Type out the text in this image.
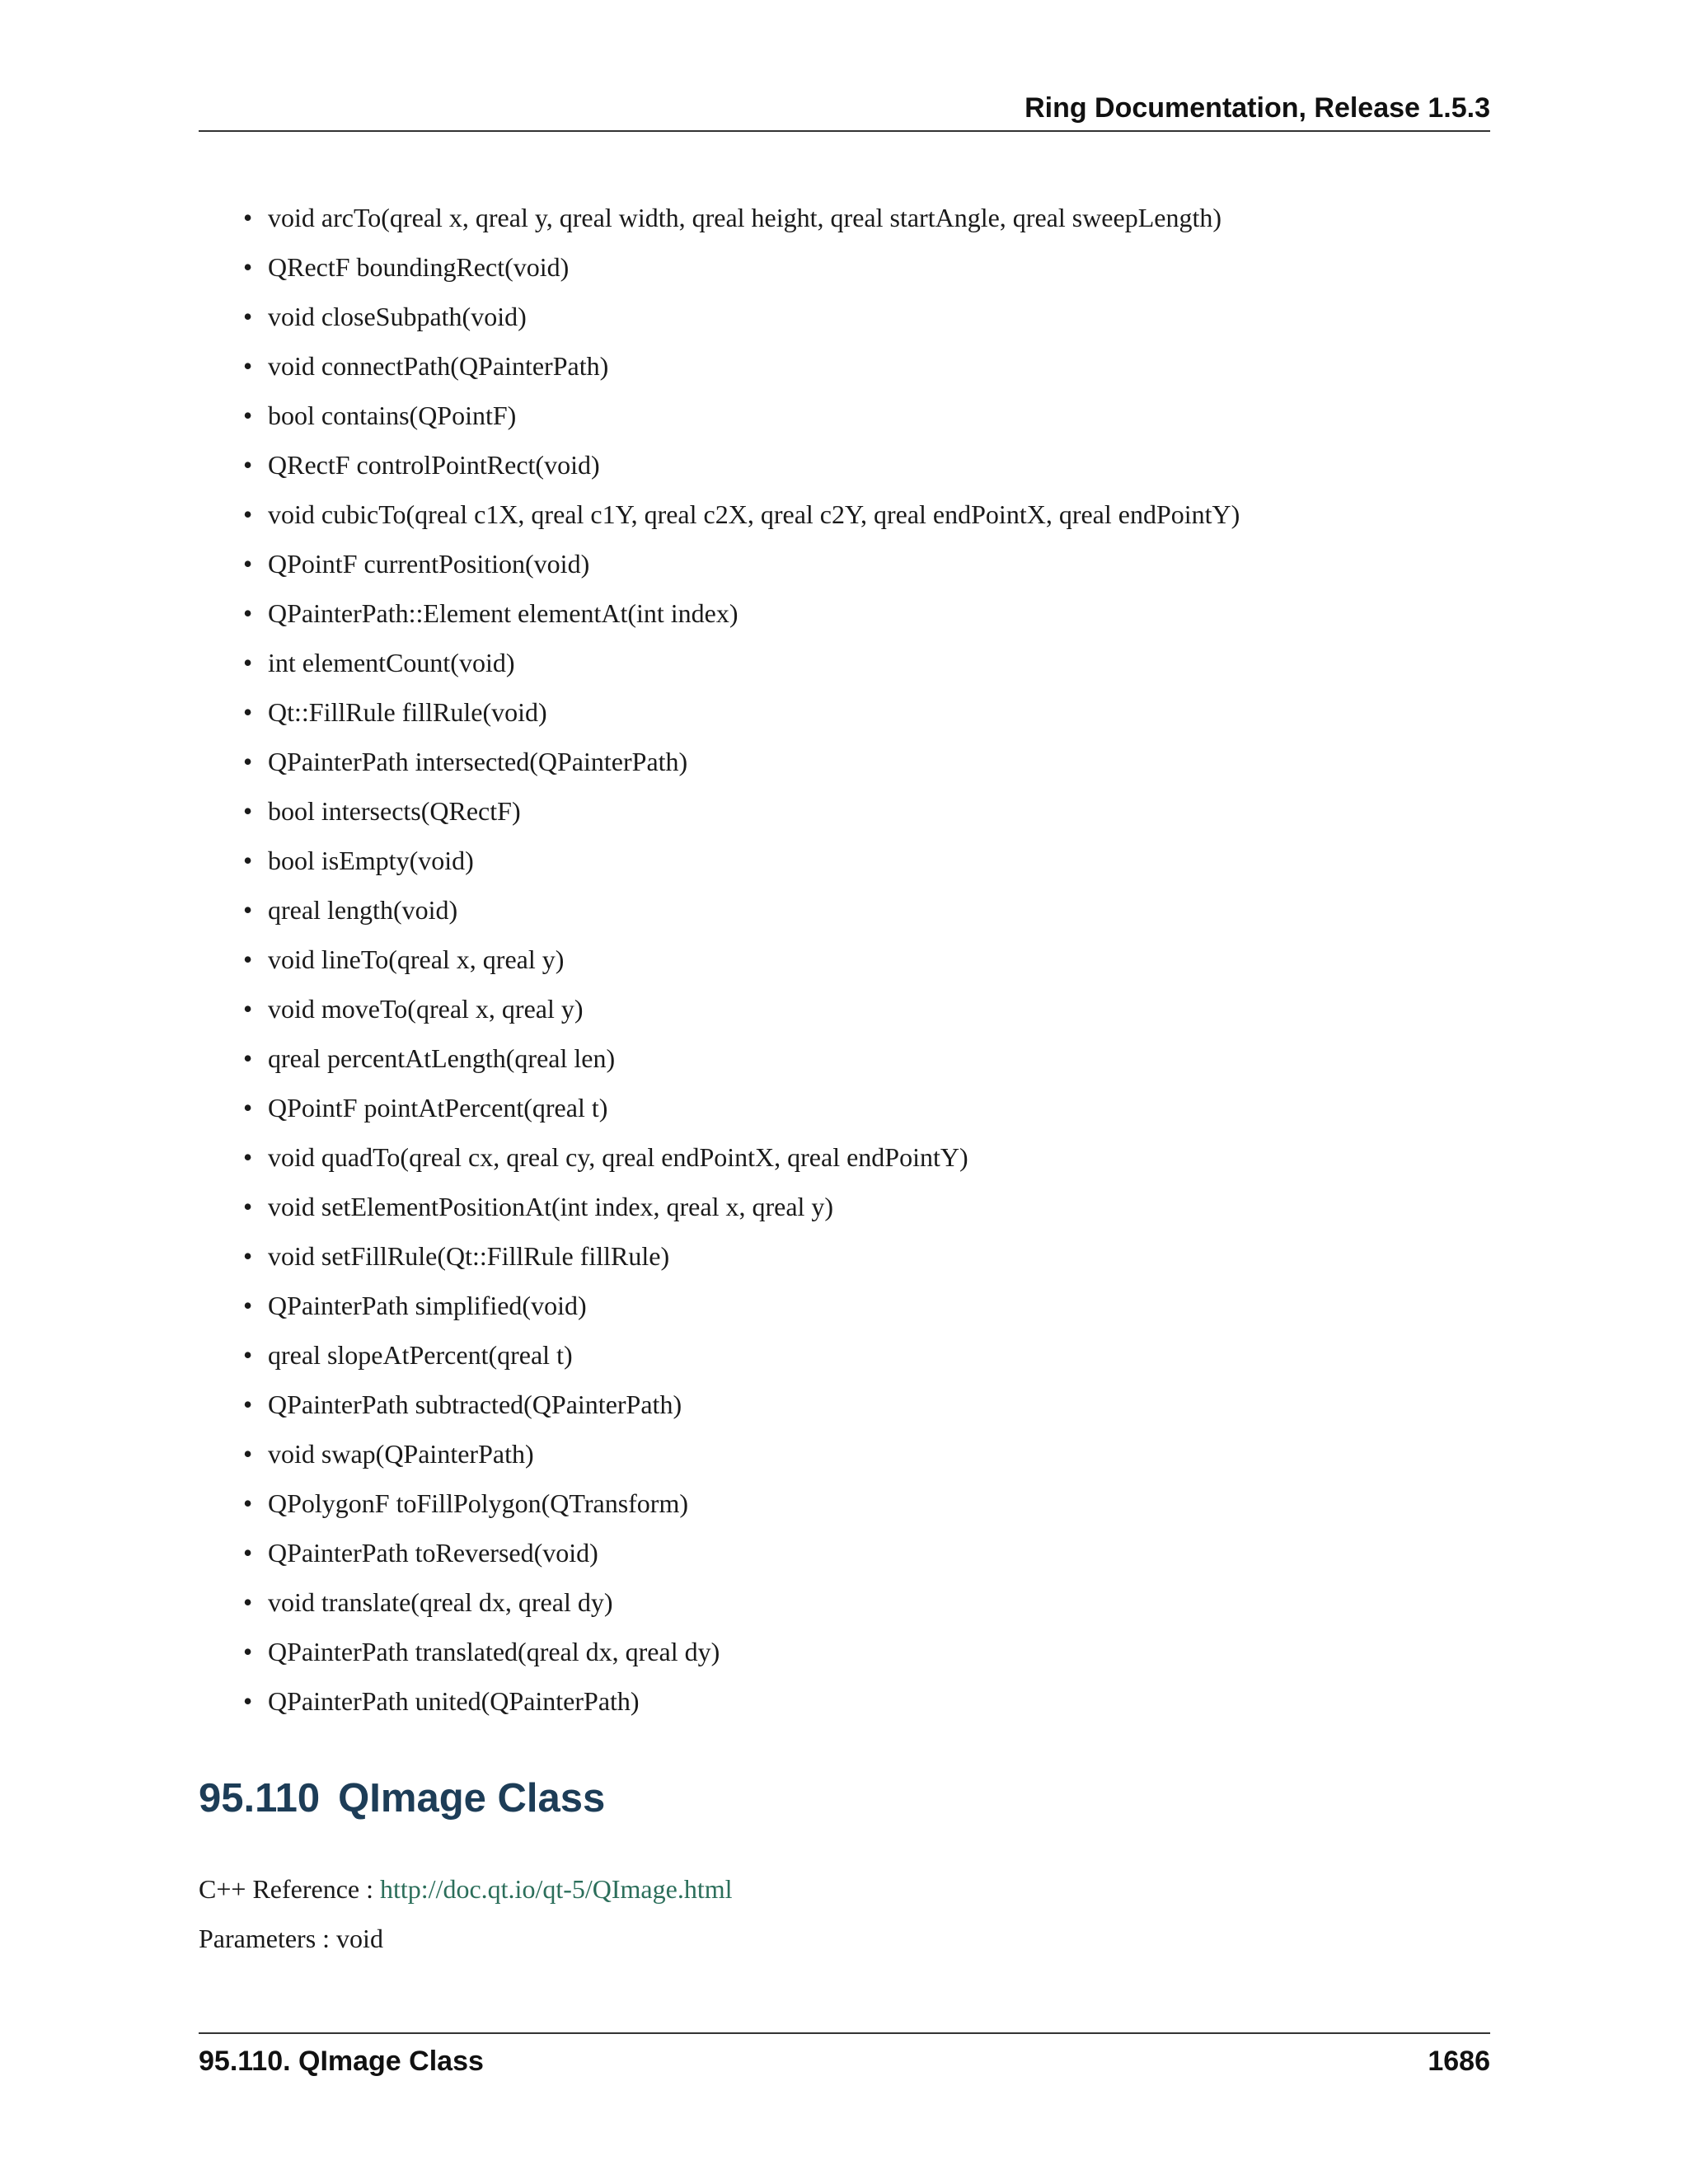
Ring Documentation, Release 1.5.3
• void arcTo(qreal x, qreal y, qreal width, qreal height, qreal startAngle, qreal sweepLength)
• QRectF boundingRect(void)
• void closeSubpath(void)
• void connectPath(QPainterPath)
• bool contains(QPointF)
• QRectF controlPointRect(void)
• void cubicTo(qreal c1X, qreal c1Y, qreal c2X, qreal c2Y, qreal endPointX, qreal endPointY)
• QPointF currentPosition(void)
• QPainterPath::Element elementAt(int index)
• int elementCount(void)
• Qt::FillRule fillRule(void)
• QPainterPath intersected(QPainterPath)
• bool intersects(QRectF)
• bool isEmpty(void)
• qreal length(void)
• void lineTo(qreal x, qreal y)
• void moveTo(qreal x, qreal y)
• qreal percentAtLength(qreal len)
• QPointF pointAtPercent(qreal t)
• void quadTo(qreal cx, qreal cy, qreal endPointX, qreal endPointY)
• void setElementPositionAt(int index, qreal x, qreal y)
• void setFillRule(Qt::FillRule fillRule)
• QPainterPath simplified(void)
• qreal slopeAtPercent(qreal t)
• QPainterPath subtracted(QPainterPath)
• void swap(QPainterPath)
• QPolygonF toFillPolygon(QTransform)
• QPainterPath toReversed(void)
• void translate(qreal dx, qreal dy)
• QPainterPath translated(qreal dx, qreal dy)
• QPainterPath united(QPainterPath)
95.110 QImage Class
C++ Reference : http://doc.qt.io/qt-5/QImage.html
Parameters : void
95.110. QImage Class	1686
